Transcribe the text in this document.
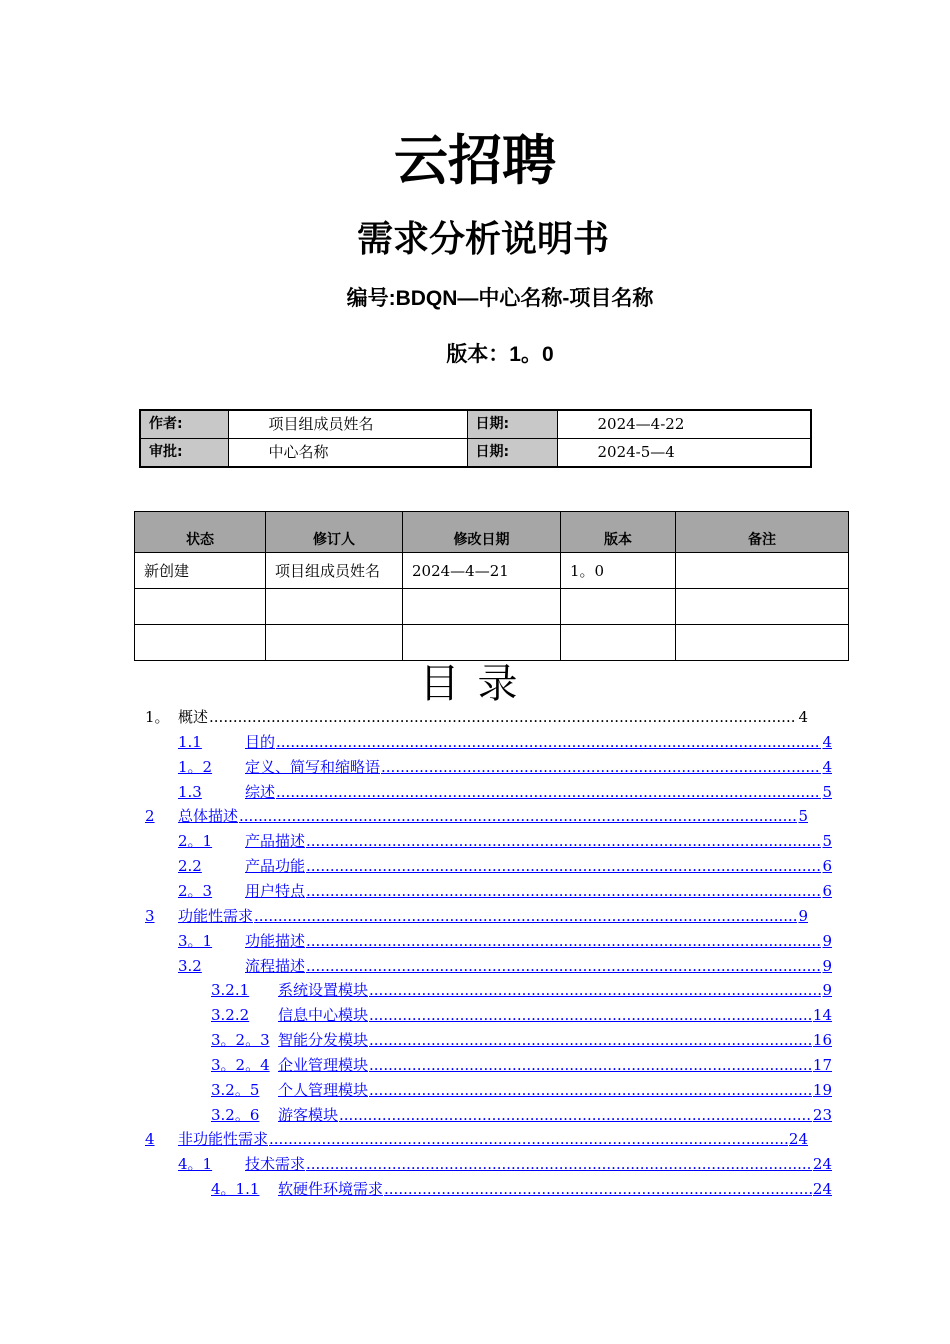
云招聘
需求分析说明书
编号:BDQN—中心名称-项目名称
版本：1。0
作者:	项目组成员姓名	日期:	2024—4-22
审批:	中心名称	日期:	2024-5—4
状态	修订人	修改日期	版本	备注
新创建	项目组成员姓名	2024—4—21	1。0	

目录
1。 概述 .....	4
1.1	目的 .....	4
1。2	定义、简写和缩略语 .....	4
1.3	综述 .....	5
2	总体描述 .....	5
2。1	产品描述 .....	5
2.2	产品功能 .....	6
2。3	用户特点 .....	6
3	功能性需求 .....	9
3。1	功能描述 .....	9
3.2	流程描述 .....	9
3.2.1	系统设置模块 .....	9
3.2.2	信息中心模块 .....	14
3。2。3 智能分发模块 .....	16
3。2。4 企业管理模块 .....	17
3.2。5	个人管理模块 .....	19
3.2。6	游客模块 .....	23
4	非功能性需求 .....	24
4。1	技术需求 .....	24
4。1.1	软硬件环境需求 .....	24
